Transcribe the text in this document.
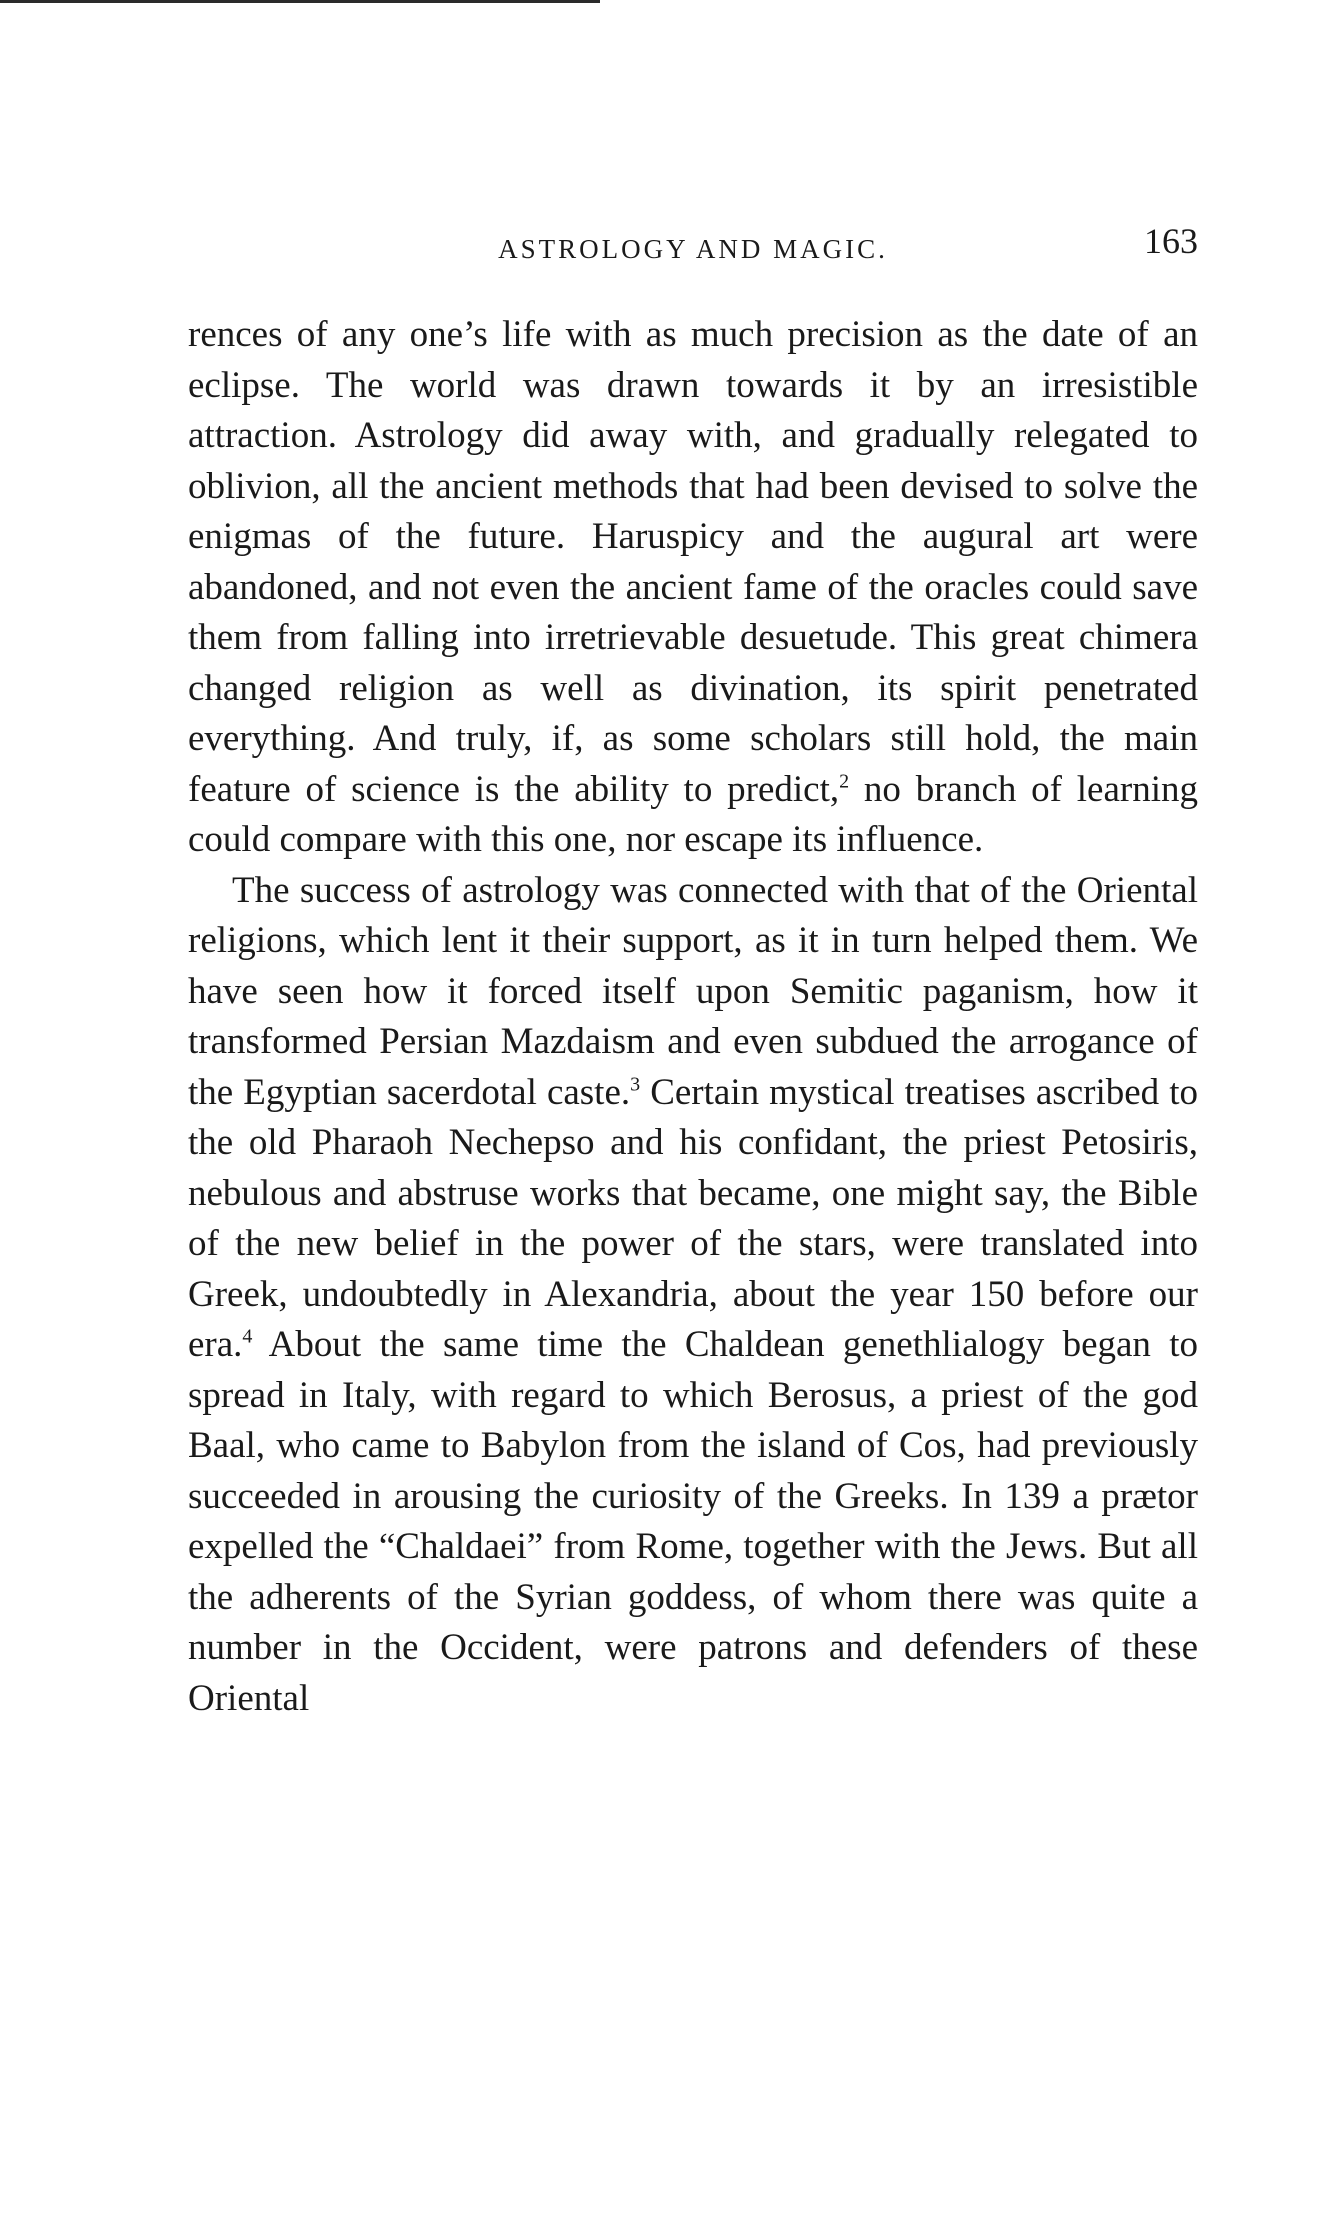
ASTROLOGY AND MAGIC.	163

rences of any one’s life with as much precision as the date of an eclipse. The world was drawn towards it by an irresistible attraction. Astrology did away with, and gradually relegated to oblivion, all the ancient methods that had been devised to solve the enigmas of the future. Haruspicy and the augural art were abandoned, and not even the ancient fame of the oracles could save them from falling into irretrievable desuetude. This great chimera changed religion as well as divination, its spirit penetrated everything. And truly, if, as some scholars still hold, the main feature of science is the ability to predict,$^2$ no branch of learning could compare with this one, nor escape its influence.

The success of astrology was connected with that of the Oriental religions, which lent it their support, as it in turn helped them. We have seen how it forced itself upon Semitic paganism, how it transformed Persian Mazdaism and even subdued the arrogance of the Egyptian sacerdotal caste.$^3$ Certain mystical treatises ascribed to the old Pharaoh Nechepso and his confidant, the priest Petosiris, nebulous and abstruse works that became, one might say, the Bible of the new belief in the power of the stars, were translated into Greek, undoubtedly in Alexandria, about the year 150 before our era.$^4$ About the same time the Chaldean genethlialogy began to spread in Italy, with regard to which Berosus, a priest of the god Baal, who came to Babylon from the island of Cos, had previously succeeded in arousing the curiosity of the Greeks. In 139 a prætor expelled the “Chaldaei” from Rome, together with the Jews. But all the adherents of the Syrian goddess, of whom there was quite a number in the Occident, were patrons and defenders of these Oriental
